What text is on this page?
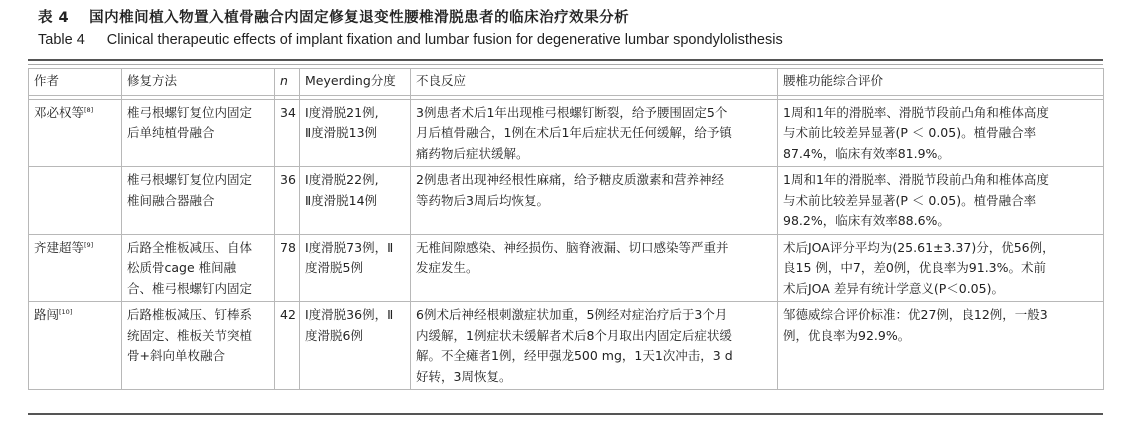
表 4 国内椎间植入物置入植骨融合内固定修复退变性腰椎滑脱患者的临床治疗效果分析
Table 4 Clinical therapeutic effects of implant fixation and lumbar fusion for degenerative lumbar spondylolisthesis
作者	修复方法	n	Meyerding分度	不良反应	腰椎功能综合评价

邓必权等[8]	椎弓根螺钉复位内固定
后单纯植骨融合	34	Ⅰ度滑脱21例,
Ⅱ度滑脱13例	3例患者术后1年出现椎弓根螺钉断裂，给予腰围固定5个
月后植骨融合，1例在术后1年后症状无任何缓解，给予镇
痛药物后症状缓解。	1周和1年的滑脱率、滑脱节段前凸角和椎体高度
与术前比较差异显著(P ＜ 0.05)。植骨融合率
87.4%，临床有效率81.9%。

	椎弓根螺钉复位内固定
椎间融合器融合	36	Ⅰ度滑脱22例,
Ⅱ度滑脱14例	2例患者出现神经根性麻痛，给予糖皮质激素和营养神经
等药物后3周后均恢复。	1周和1年的滑脱率、滑脱节段前凸角和椎体高度
与术前比较差异显著(P ＜ 0.05)。植骨融合率
98.2%，临床有效率88.6%。

齐建超等[9]	后路全椎板减压、自体
松质骨cage 椎间融
合、椎弓根螺钉内固定	78	Ⅰ度滑脱73例，Ⅱ
度滑脱5例	无椎间隙感染、神经损伤、脑脊液漏、切口感染等严重并
发症发生。	术后JOA评分平均为(25.61±3.37)分，优56例，
良15 例，中7，差0例，优良率为91.3%。术前
术后JOA 差异有统计学意义(P＜0.05)。

路闯[10]	后路椎板减压、钉棒系
统固定、椎板关节突植
骨+斜向单枚融合	42	Ⅰ度滑脱36例，Ⅱ
度滑脱6例	6例术后神经根刺激症状加重，5例经对症治疗后于3个月
内缓解，1例症状未缓解者术后8个月取出内固定后症状缓
解。不全瘫者1例，经甲强龙500 mg，1天1次冲击，3 d
好转，3周恢复。	邹德威综合评价标准：优27例，良12例，一般3
例，优良率为92.9%。
